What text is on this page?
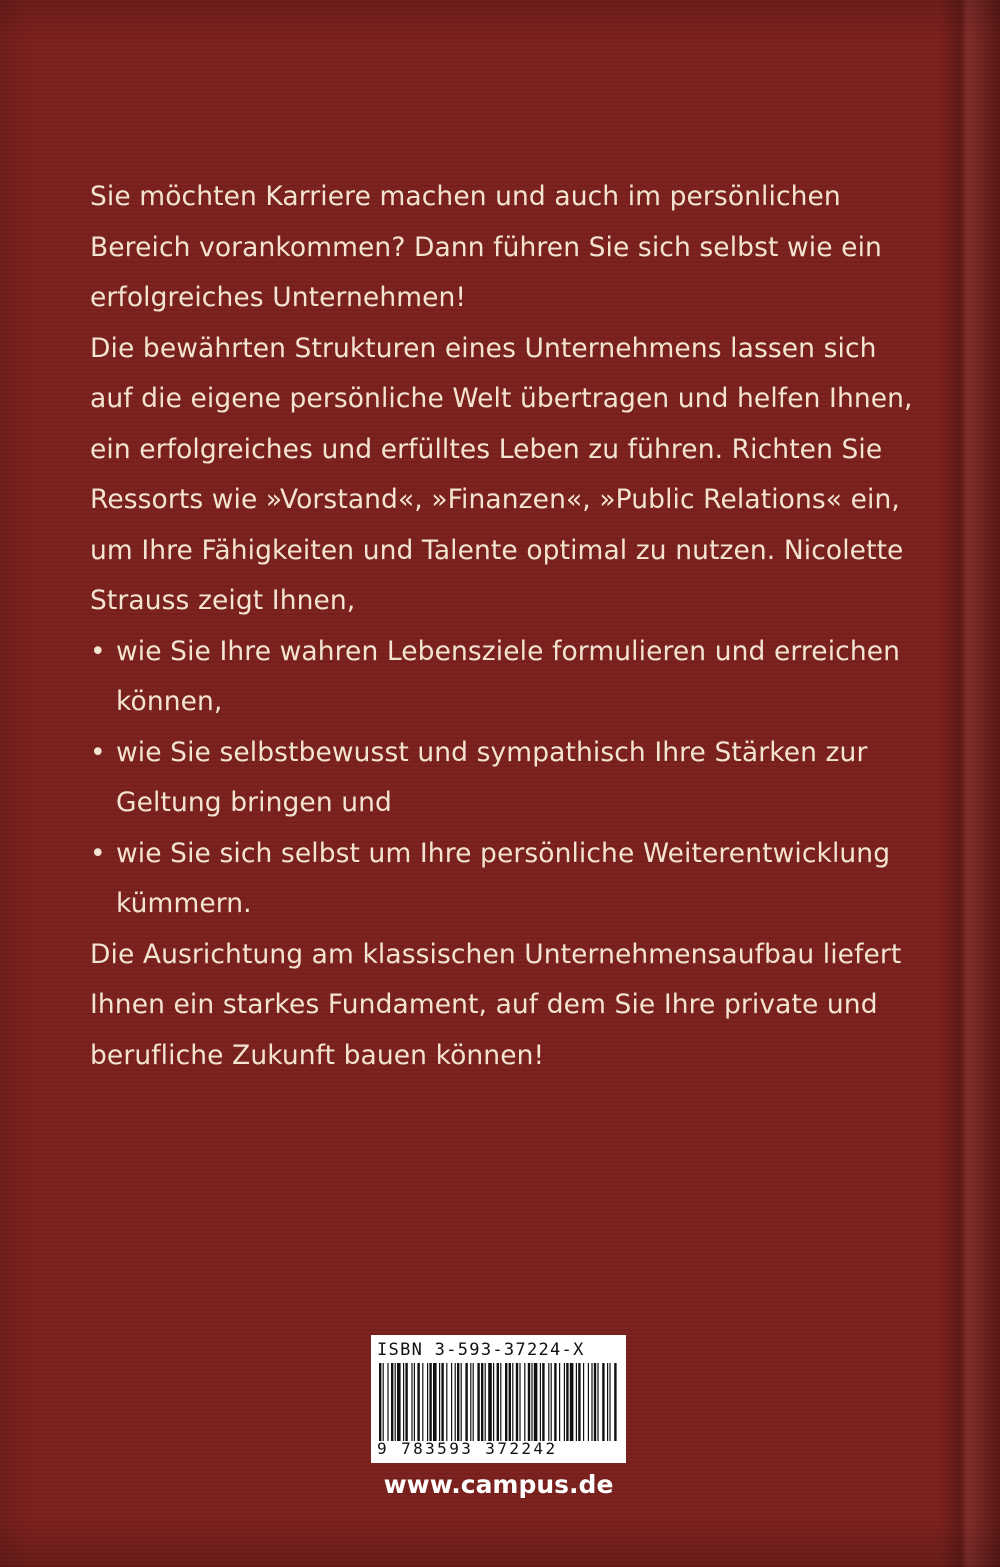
Sie möchten Karriere machen und auch im persönlichen Bereich vorankommen? Dann führen Sie sich selbst wie ein erfolgreiches Unternehmen!

Die bewährten Strukturen eines Unternehmens lassen sich auf die eigene persönliche Welt übertragen und helfen Ihnen, ein erfolgreiches und erfülltes Leben zu führen. Richten Sie Ressorts wie »Vorstand«, »Finanzen«, »Public Relations« ein, um Ihre Fähigkeiten und Talente optimal zu nutzen. Nicolette Strauss zeigt Ihnen,

• wie Sie Ihre wahren Lebensziele formulieren und erreichen können,
• wie Sie selbstbewusst und sympathisch Ihre Stärken zur Geltung bringen und
• wie Sie sich selbst um Ihre persönliche Weiterentwicklung kümmern.

Die Ausrichtung am klassischen Unternehmensaufbau liefert Ihnen ein starkes Fundament, auf dem Sie Ihre private und berufliche Zukunft bauen können!

ISBN 3-593-37224-X
9 783593 372242
www.campus.de
